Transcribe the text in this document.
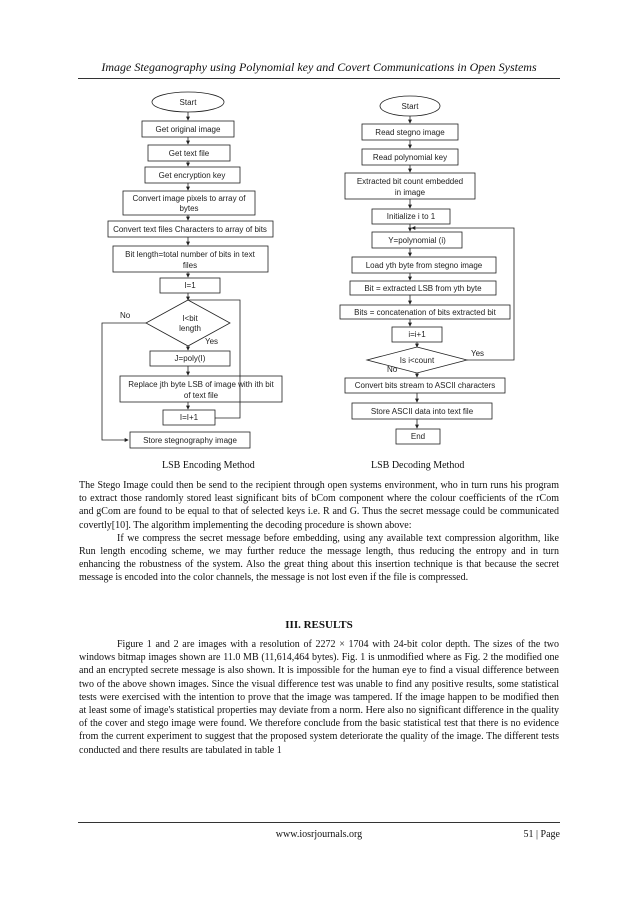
Image Steganography using Polynomial key and Covert Communications in Open Systems
Start
Get original image
Get text file
Get encryption key
Convert image pixels to array of
bytes
Convert text files Characters to array of bits
Bit length=total number of bits in text
files
I=1
I<bit
length
No
Yes
J=poly(I)
Replace jth byte LSB of image with ith bit
of text file
I=I+1
Store stegnography image
Start
Read stegno image
Read polynomial key
Extracted bit count embedded
in image
Initialize i to 1
Y=polynomial (i)
Load yth byte from stegno image
Bit = extracted LSB from yth byte
Bits = concatenation of bits extracted bit
i=i+1
Is i<count
Yes
No
Convert bits stream to ASCII characters
Store ASCII data into text file
End
LSB Encoding Method	LSB Decoding Method

The Stego Image could then be send to the recipient through open systems environment, who in turn runs his program to extract those randomly stored least significant bits of bCom component where the colour coefficients of the rCom and gCom are found to be equal to that of selected keys i.e. R and G. Thus the secret message could be communicated covertly[10]. The algorithm implementing the decoding procedure is shown above:

If we compress the secret message before embedding, using any available text compression algorithm, like Run length encoding scheme, we may further reduce the message length, thus reducing the entropy and in turn enhancing the robustness of the system. Also the great thing about this insertion technique is that because the secret message is encoded into the color channels, the message is not lost even if the file is compressed.

III. RESULTS

Figure 1 and 2 are images with a resolution of 2272 × 1704 with 24-bit color depth. The sizes of the two windows bitmap images shown are 11.0 MB (11,614,464 bytes). Fig. 1 is unmodified where as Fig. 2 the modified one and an encrypted secrete message is also shown. It is impossible for the human eye to find a visual difference between two of the above shown images. Since the visual difference test was unable to find any positive results, some statistical tests were exercised with the intention to prove that the image was tampered. If the image happen to be modified then at least some of image's statistical properties may deviate from a norm. Here also no significant difference in the quality of the cover and stego image were found. We therefore conclude from the basic statistical test that there is no evidence from the current experiment to suggest that the proposed system deteriorate the quality of the image. The different tests conducted and there results are tabulated in table 1

www.iosrjournals.org	51 | Page
